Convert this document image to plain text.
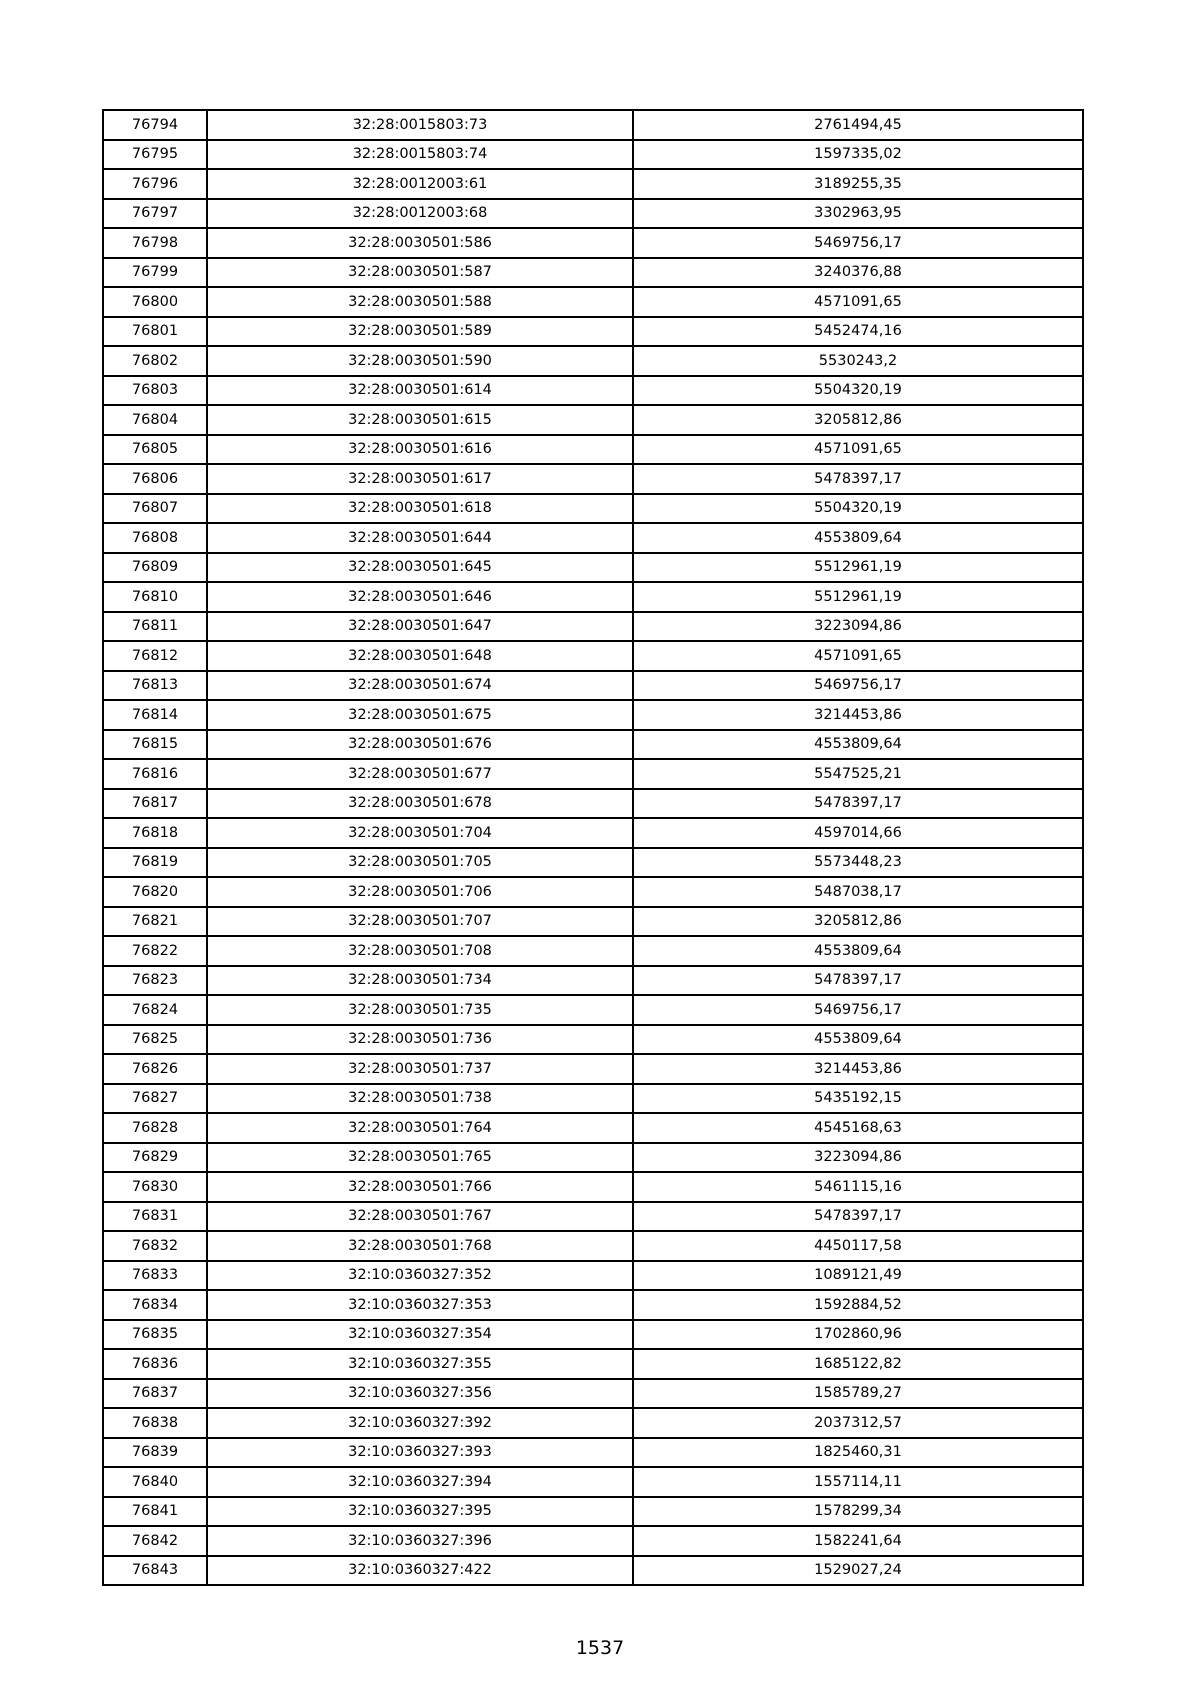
76794	32:28:0015803:73	2761494,45
76795	32:28:0015803:74	1597335,02
76796	32:28:0012003:61	3189255,35
76797	32:28:0012003:68	3302963,95
76798	32:28:0030501:586	5469756,17
76799	32:28:0030501:587	3240376,88
76800	32:28:0030501:588	4571091,65
76801	32:28:0030501:589	5452474,16
76802	32:28:0030501:590	5530243,2
76803	32:28:0030501:614	5504320,19
76804	32:28:0030501:615	3205812,86
76805	32:28:0030501:616	4571091,65
76806	32:28:0030501:617	5478397,17
76807	32:28:0030501:618	5504320,19
76808	32:28:0030501:644	4553809,64
76809	32:28:0030501:645	5512961,19
76810	32:28:0030501:646	5512961,19
76811	32:28:0030501:647	3223094,86
76812	32:28:0030501:648	4571091,65
76813	32:28:0030501:674	5469756,17
76814	32:28:0030501:675	3214453,86
76815	32:28:0030501:676	4553809,64
76816	32:28:0030501:677	5547525,21
76817	32:28:0030501:678	5478397,17
76818	32:28:0030501:704	4597014,66
76819	32:28:0030501:705	5573448,23
76820	32:28:0030501:706	5487038,17
76821	32:28:0030501:707	3205812,86
76822	32:28:0030501:708	4553809,64
76823	32:28:0030501:734	5478397,17
76824	32:28:0030501:735	5469756,17
76825	32:28:0030501:736	4553809,64
76826	32:28:0030501:737	3214453,86
76827	32:28:0030501:738	5435192,15
76828	32:28:0030501:764	4545168,63
76829	32:28:0030501:765	3223094,86
76830	32:28:0030501:766	5461115,16
76831	32:28:0030501:767	5478397,17
76832	32:28:0030501:768	4450117,58
76833	32:10:0360327:352	1089121,49
76834	32:10:0360327:353	1592884,52
76835	32:10:0360327:354	1702860,96
76836	32:10:0360327:355	1685122,82
76837	32:10:0360327:356	1585789,27
76838	32:10:0360327:392	2037312,57
76839	32:10:0360327:393	1825460,31
76840	32:10:0360327:394	1557114,11
76841	32:10:0360327:395	1578299,34
76842	32:10:0360327:396	1582241,64
76843	32:10:0360327:422	1529027,24
1537
